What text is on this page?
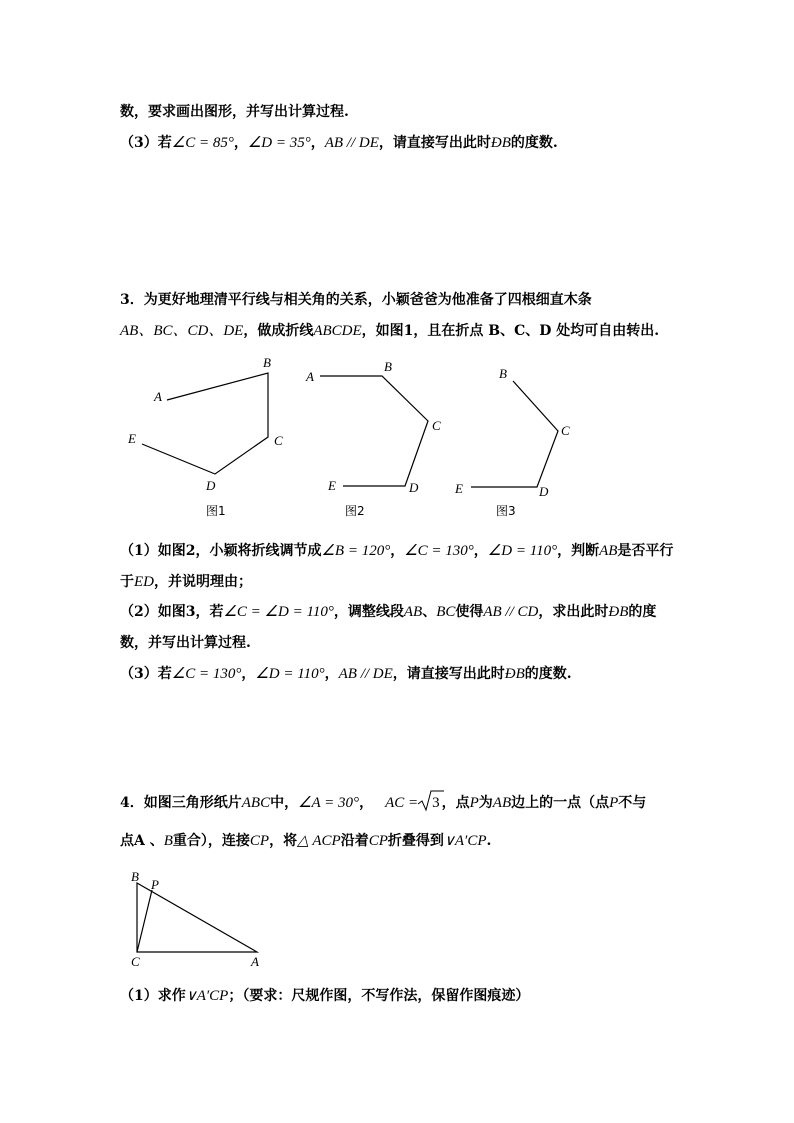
数，要求画出图形，并写出计算过程.
（3）若∠C = 85°，∠D = 35°，AB // DE，请直接写出此时ÐB的度数.
3．为更好地理清平行线与相关角的关系，小颖爸爸为他准备了四根细直木条
AB、BC、CD、DE，做成折线ABCDE，如图1，且在折点 B、C、D 处均可自由转出.
A
B
C
D
E
图1
A
B
C
D
E
图2
B
C
D
E
图3
B
P
C	A
（1）如图2，小颖将折线调节成∠B = 120°，∠C = 130°，∠D = 110°，判断AB是否平行
于ED，并说明理由；
（2）如图3，若∠C = ∠D = 110°，调整线段AB、BC使得AB // CD，求出此时ÐB的度
数，并写出计算过程.
（3）若∠C = 130°，∠D = 110°，AB // DE，请直接写出此时ÐB的度数.
4．如图三角形纸片ABC中，∠A = 30°， AC = 3 ，点P为AB边上的一点（点P不与
点A 、B重合），连接CP，将△ ACP沿着CP折叠得到∨A′CP.
（1）求作∨A′CP；（要求：尺规作图，不写作法，保留作图痕迹）
